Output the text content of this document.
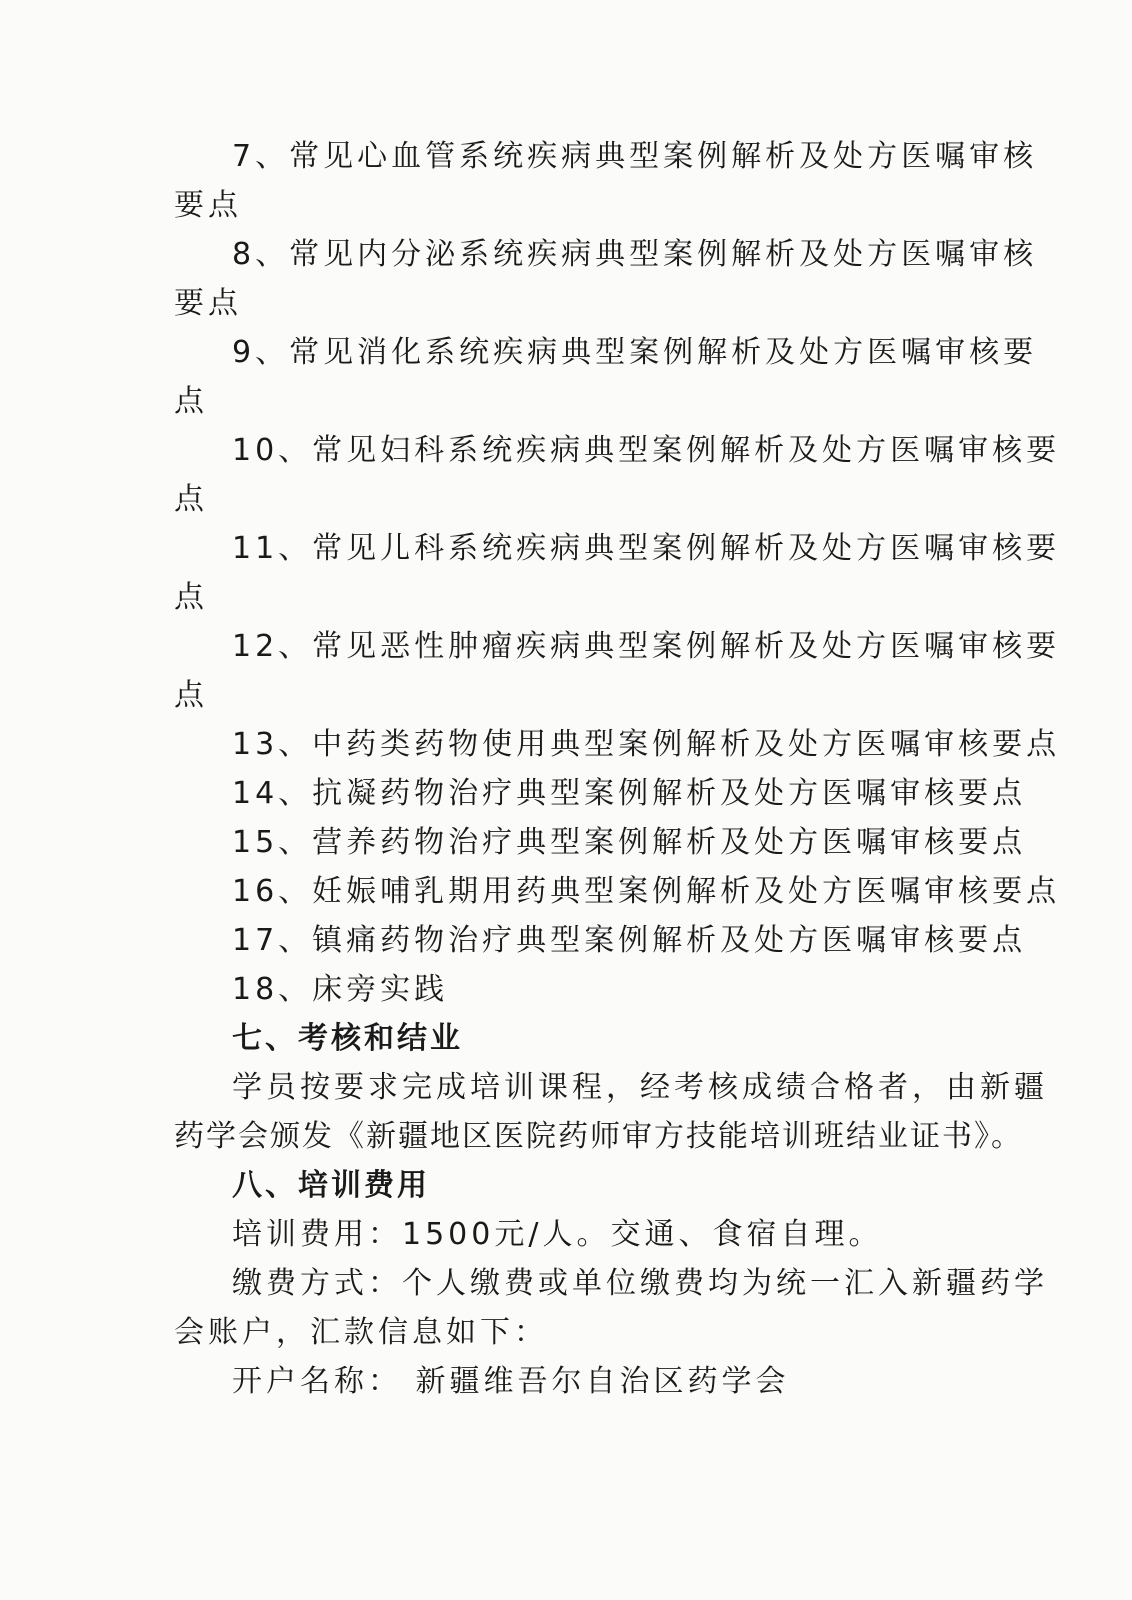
7、常见心血管系统疾病典型案例解析及处方医嘱审核
要点
8、常见内分泌系统疾病典型案例解析及处方医嘱审核
要点
9、常见消化系统疾病典型案例解析及处方医嘱审核要
点
10、常见妇科系统疾病典型案例解析及处方医嘱审核要
点
11、常见儿科系统疾病典型案例解析及处方医嘱审核要
点
12、常见恶性肿瘤疾病典型案例解析及处方医嘱审核要
点
13、中药类药物使用典型案例解析及处方医嘱审核要点
14、抗凝药物治疗典型案例解析及处方医嘱审核要点
15、营养药物治疗典型案例解析及处方医嘱审核要点
16、妊娠哺乳期用药典型案例解析及处方医嘱审核要点
17、镇痛药物治疗典型案例解析及处方医嘱审核要点
18、床旁实践
七、考核和结业
学员按要求完成培训课程，经考核成绩合格者，由新疆
药学会颁发《新疆地区医院药师审方技能培训班结业证书》。
八、培训费用
培训费用：1500元/人。交通、食宿自理。
缴费方式：个人缴费或单位缴费均为统一汇入新疆药学
会账户，汇款信息如下：
开户名称： 新疆维吾尔自治区药学会
